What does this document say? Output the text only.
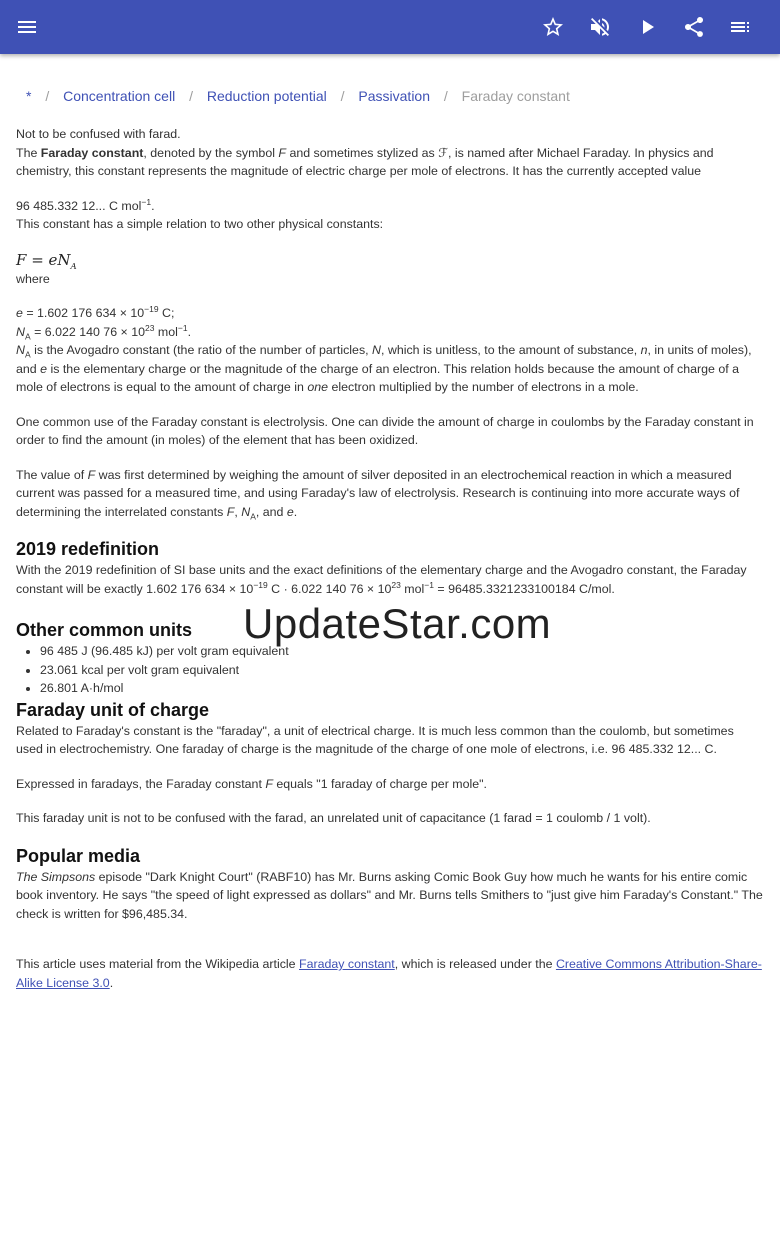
* / Concentration cell / Reduction potential / Passivation / Faraday constant

Not to be confused with farad.

The Faraday constant, denoted by the symbol F and sometimes stylized as ℱ, is named after Michael Faraday. In physics and chemistry, this constant represents the magnitude of electric charge per mole of electrons. It has the currently accepted value

96 485.332 12... C mol$^{-1}$.

This constant has a simple relation to two other physical constants:

$F = eN_A$

where

e = 1.602 176 $634 \times 10^{-19}$ C;

$N_A = 6.022$ 140 $76 \times 10^{23}$ mol$^{-1}$.

$N_A$ is the Avogadro constant (the ratio of the number of particles, N, which is unitless, to the amount of substance, n, in units of moles), and e is the elementary charge or the magnitude of the charge of an electron. This relation holds because the amount of charge of a mole of electrons is equal to the amount of charge in one electron multiplied by the number of electrons in a mole.

One common use of the Faraday constant is electrolysis. One can divide the amount of charge in coulombs by the Faraday constant in order to find the amount (in moles) of the element that has been oxidized.

The value of F was first determined by weighing the amount of silver deposited in an electrochemical reaction in which a measured current was passed for a measured time, and using Faraday's law of electrolysis. Research is continuing into more accurate ways of determining the interrelated constants F, $N_A$, and e.

2019 redefinition

With the 2019 redefinition of SI base units and the exact definitions of the elementary charge and the Avogadro constant, the Faraday constant will be exactly 1.602 176 $634 \times 10^{-19}$ C · 6.022 140 $76 \times 10^{23}$ mol$^{-1}$ = 96485.3321233100184 C/mol.

Other common units
• 96 485 J (96.485 kJ) per volt gram equivalent
• 23.061 kcal per volt gram equivalent
• 26.801 A·h/mol
Faraday unit of charge

Related to Faraday's constant is the "faraday", a unit of electrical charge. It is much less common than the coulomb, but sometimes used in electrochemistry. One faraday of charge is the magnitude of the charge of one mole of electrons, i.e. 96 485.332 12... C.

Expressed in faradays, the Faraday constant F equals "1 faraday of charge per mole".

This faraday unit is not to be confused with the farad, an unrelated unit of capacitance (1 farad = 1 coulomb / 1 volt).

Popular media

The Simpsons episode "Dark Knight Court" (RABF10) has Mr. Burns asking Comic Book Guy how much he wants for his entire comic book inventory. He says "the speed of light expressed as dollars" and Mr. Burns tells Smithers to "just give him Faraday's Constant." The check is written for $96,485.34.

This article uses material from the Wikipedia article Faraday constant, which is released under the Creative Commons Attribution-Share-Alike License 3.0.

UpdateStar.com
